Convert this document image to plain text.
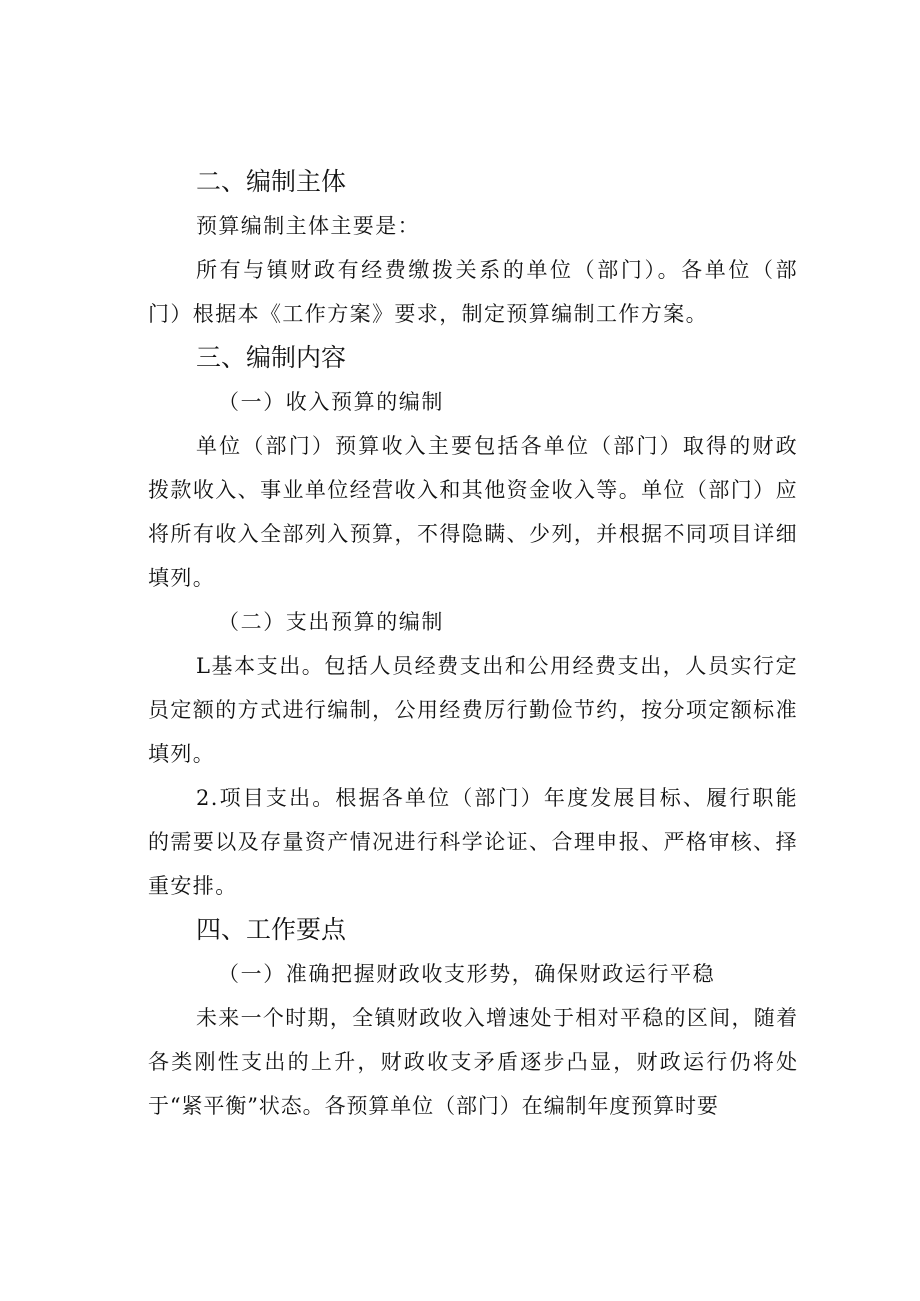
二、编制主体

预算编制主体主要是：

所有与镇财政有经费缴拨关系的单位（部门）。各单位（部门）根据本《工作方案》要求，制定预算编制工作方案。

三、编制内容

（一）收入预算的编制

单位（部门）预算收入主要包括各单位（部门）取得的财政拨款收入、事业单位经营收入和其他资金收入等。单位（部门）应将所有收入全部列入预算，不得隐瞒、少列，并根据不同项目详细填列。

（二）支出预算的编制

L基本支出。包括人员经费支出和公用经费支出，人员实行定员定额的方式进行编制，公用经费厉行勤俭节约，按分项定额标准填列。

2.项目支出。根据各单位（部门）年度发展目标、履行职能的需要以及存量资产情况进行科学论证、合理申报、严格审核、择重安排。

四、工作要点

（一）准确把握财政收支形势，确保财政运行平稳

未来一个时期，全镇财政收入增速处于相对平稳的区间，随着各类刚性支出的上升，财政收支矛盾逐步凸显，财政运行仍将处于“紧平衡”状态。各预算单位（部门）在编制年度预算时要
